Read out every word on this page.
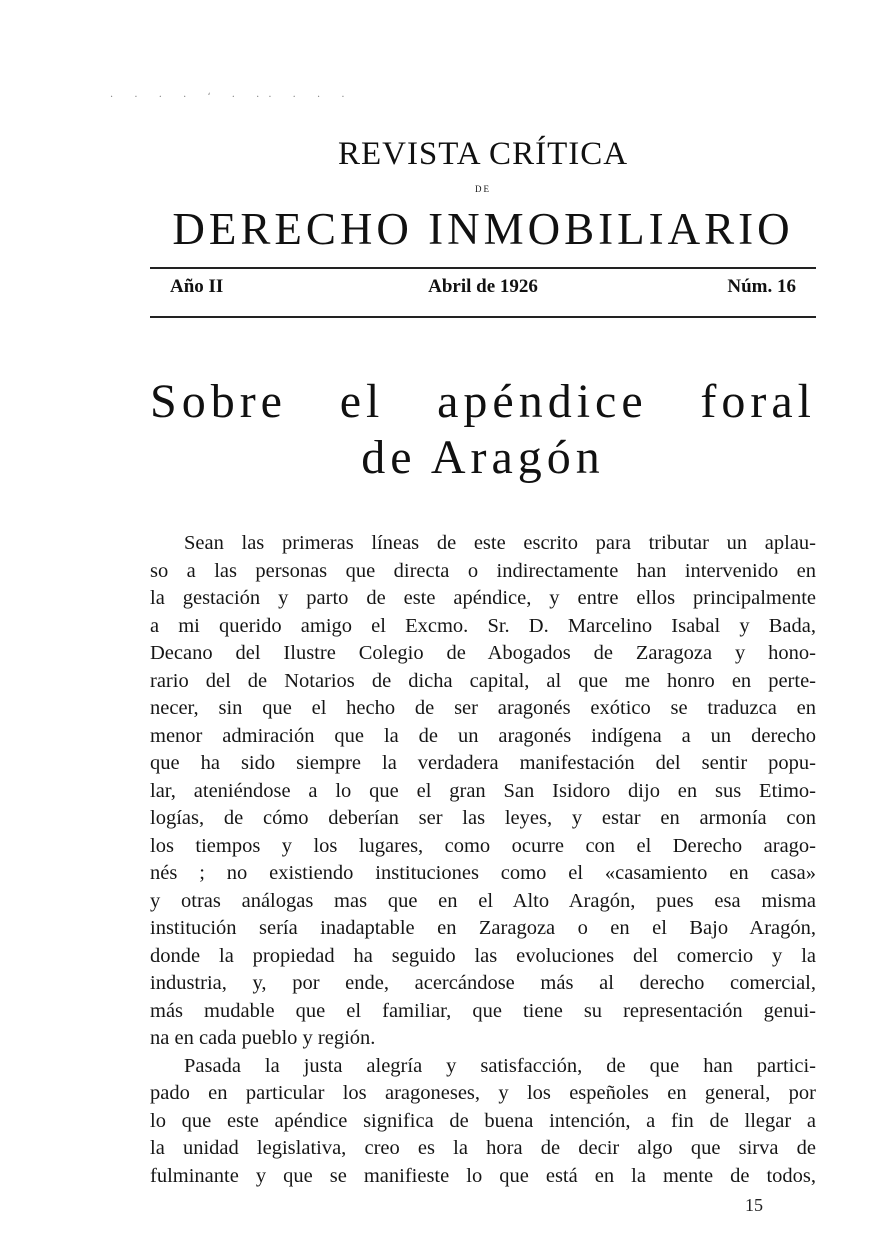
· · · · ‘ · ·· · · ·
REVISTA CRÍTICA
DE
DERECHO INMOBILIARIO
Año II	Abril de 1926	Núm. 16
Sobre el apéndice foral
de Aragón
Sean las primeras líneas de este escrito para tributar un aplau-
so a las personas que directa o indirectamente han intervenido en
la gestación y parto de este apéndice, y entre ellos principalmente
a mi querido amigo el Excmo. Sr. D. Marcelino Isabal y Bada,
Decano del Ilustre Colegio de Abogados de Zaragoza y hono-
rario del de Notarios de dicha capital, al que me honro en perte-
necer, sin que el hecho de ser aragonés exótico se traduzca en
menor admiración que la de un aragonés indígena a un derecho
que ha sido siempre la verdadera manifestación del sentir popu-
lar, ateniéndose a lo que el gran San Isidoro dijo en sus Etimo-
logías, de cómo deberían ser las leyes, y estar en armonía con
los tiempos y los lugares, como ocurre con el Derecho arago-
nés ; no existiendo instituciones como el «casamiento en casa»
y otras análogas mas que en el Alto Aragón, pues esa misma
institución sería inadaptable en Zaragoza o en el Bajo Aragón,
donde la propiedad ha seguido las evoluciones del comercio y la
industria, y, por ende, acercándose más al derecho comercial,
más mudable que el familiar, que tiene su representación genui-
na en cada pueblo y región.
Pasada la justa alegría y satisfacción, de que han partici-
pado en particular los aragoneses, y los espeñoles en general, por
lo que este apéndice significa de buena intención, a fin de llegar a
la unidad legislativa, creo es la hora de decir algo que sirva de
fulminante y que se manifieste lo que está en la mente de todos,
15
